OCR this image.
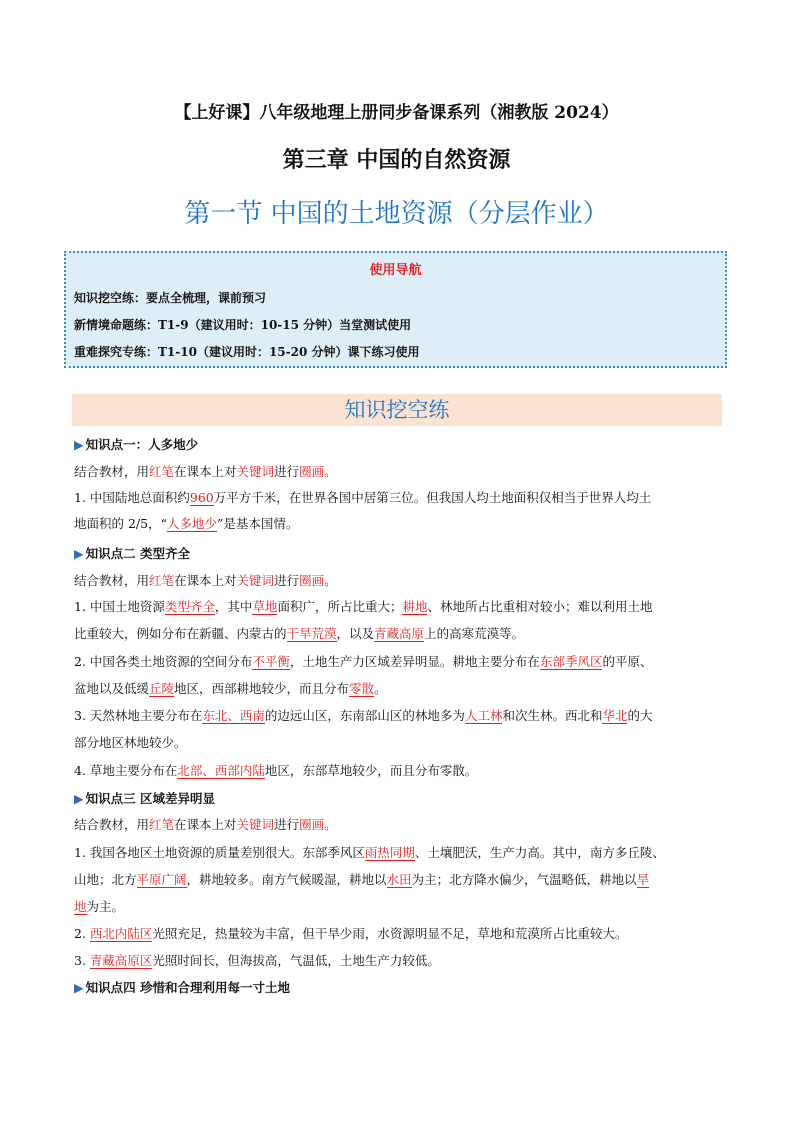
【上好课】八年级地理上册同步备课系列（湘教版 2024）
第三章 中国的自然资源
第一节 中国的土地资源（分层作业）
使用导航
知识挖空练：要点全梳理，课前预习
新情境命题练：T1-9（建议用时：10-15 分钟）当堂测试使用
重难探究专练：T1-10（建议用时：15-20 分钟）课下练习使用
知识挖空练
▶ 知识点一：人多地少
结合教材，用红笔在课本上对关键词进行圈画。
1. 中国陆地总面积约960万平方千米，在世界各国中居第三位。但我国人均土地面积仅相当于世界人均土
地面积的 2/5，“人多地少”是基本国情。
▶ 知识点二 类型齐全
结合教材，用红笔在课本上对关键词进行圈画。
1. 中国土地资源类型齐全，其中草地面积广，所占比重大；耕地、林地所占比重相对较小；难以利用土地
比重较大，例如分布在新疆、内蒙古的干旱荒漠，以及青藏高原上的高寒荒漠等。
2. 中国各类土地资源的空间分布不平衡，土地生产力区域差异明显。耕地主要分布在东部季风区的平原、
盆地以及低缓丘陵地区，西部耕地较少，而且分布零散。
3. 天然林地主要分布在东北、西南的边远山区，东南部山区的林地多为人工林和次生林。西北和华北的大
部分地区林地较少。
4. 草地主要分布在北部、西部内陆地区，东部草地较少，而且分布零散。
▶ 知识点三 区域差异明显
结合教材，用红笔在课本上对关键词进行圈画。
1. 我国各地区土地资源的质量差别很大。东部季风区雨热同期、土壤肥沃，生产力高。其中，南方多丘陵、
山地；北方平原广阔，耕地较多。南方气候暖湿，耕地以水田为主；北方降水偏少，气温略低，耕地以旱
地为主。
2. 西北内陆区光照充足，热量较为丰富，但干旱少雨，水资源明显不足，草地和荒漠所占比重较大。
3. 青藏高原区光照时间长，但海拔高，气温低，土地生产力较低。
▶ 知识点四 珍惜和合理利用每一寸土地
